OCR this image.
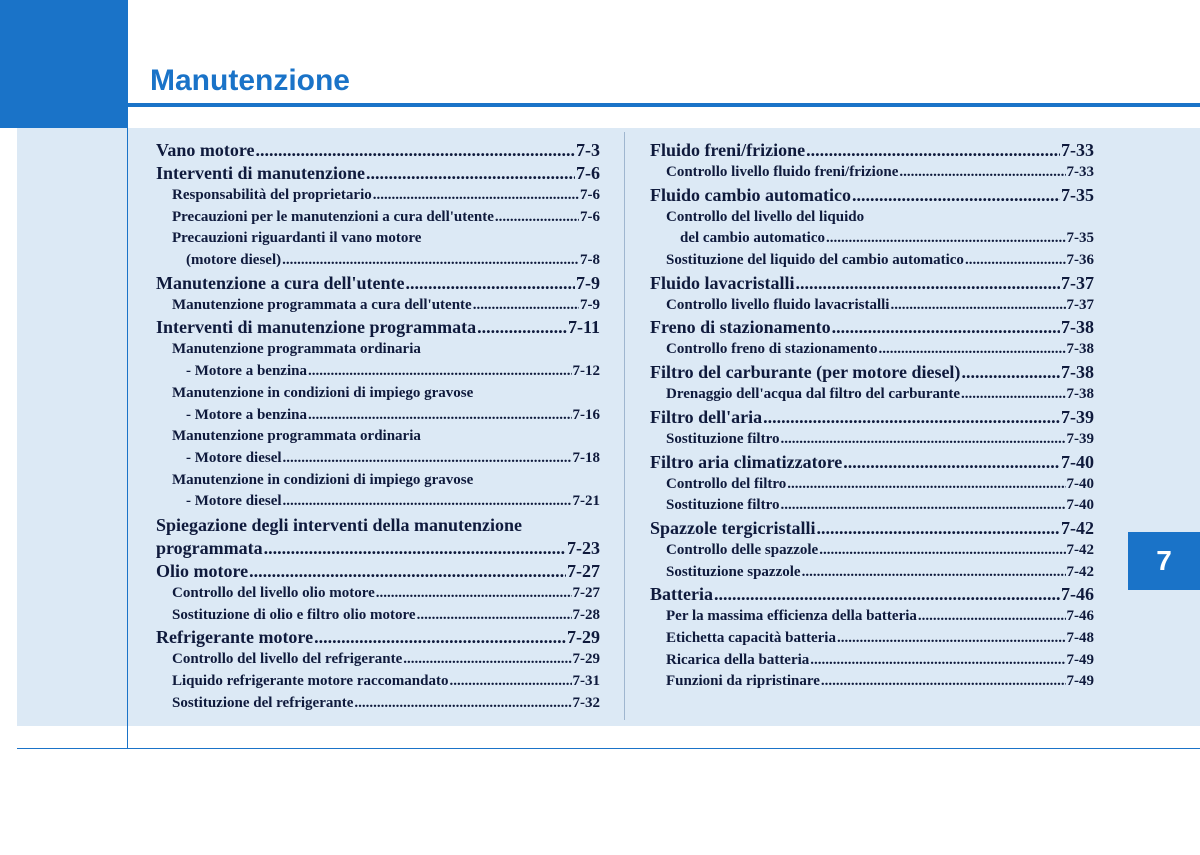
Manutenzione
7
Vano motore .....	7-3
Interventi di manutenzione .....	7-6
Responsabilità del proprietario .....	7-6
Precauzioni per le manutenzioni a cura dell'utente .....	7-6
Precauzioni riguardanti il vano motore
(motore diesel) .....	7-8
Manutenzione a cura dell'utente .....	7-9
Manutenzione programmata a cura dell'utente .....	7-9
Interventi di manutenzione programmata .....	7-11
Manutenzione programmata ordinaria
- Motore a benzina .....	7-12
Manutenzione in condizioni di impiego gravose
- Motore a benzina .....	7-16
Manutenzione programmata ordinaria
- Motore diesel .....	7-18
Manutenzione in condizioni di impiego gravose
- Motore diesel .....	7-21
Spiegazione degli interventi della manutenzione
programmata .....	7-23
Olio motore .....	7-27
Controllo del livello olio motore .....	7-27
Sostituzione di olio e filtro olio motore .....	7-28
Refrigerante motore .....	7-29
Controllo del livello del refrigerante .....	7-29
Liquido refrigerante motore raccomandato .....	7-31
Sostituzione del refrigerante .....	7-32
Fluido freni/frizione .....	7-33
Controllo livello fluido freni/frizione .....	7-33
Fluido cambio automatico .....	7-35
Controllo del livello del liquido
del cambio automatico .....	7-35
Sostituzione del liquido del cambio automatico .....	7-36
Fluido lavacristalli .....	7-37
Controllo livello fluido lavacristalli .....	7-37
Freno di stazionamento .....	7-38
Controllo freno di stazionamento .....	7-38
Filtro del carburante (per motore diesel) .....	7-38
Drenaggio dell'acqua dal filtro del carburante .....	7-38
Filtro dell'aria .....	7-39
Sostituzione filtro .....	7-39
Filtro aria climatizzatore .....	7-40
Controllo del filtro .....	7-40
Sostituzione filtro .....	7-40
Spazzole tergicristalli .....	7-42
Controllo delle spazzole .....	7-42
Sostituzione spazzole .....	7-42
Batteria .....	7-46
Per la massima efficienza della batteria .....	7-46
Etichetta capacità batteria .....	7-48
Ricarica della batteria .....	7-49
Funzioni da ripristinare .....	7-49
